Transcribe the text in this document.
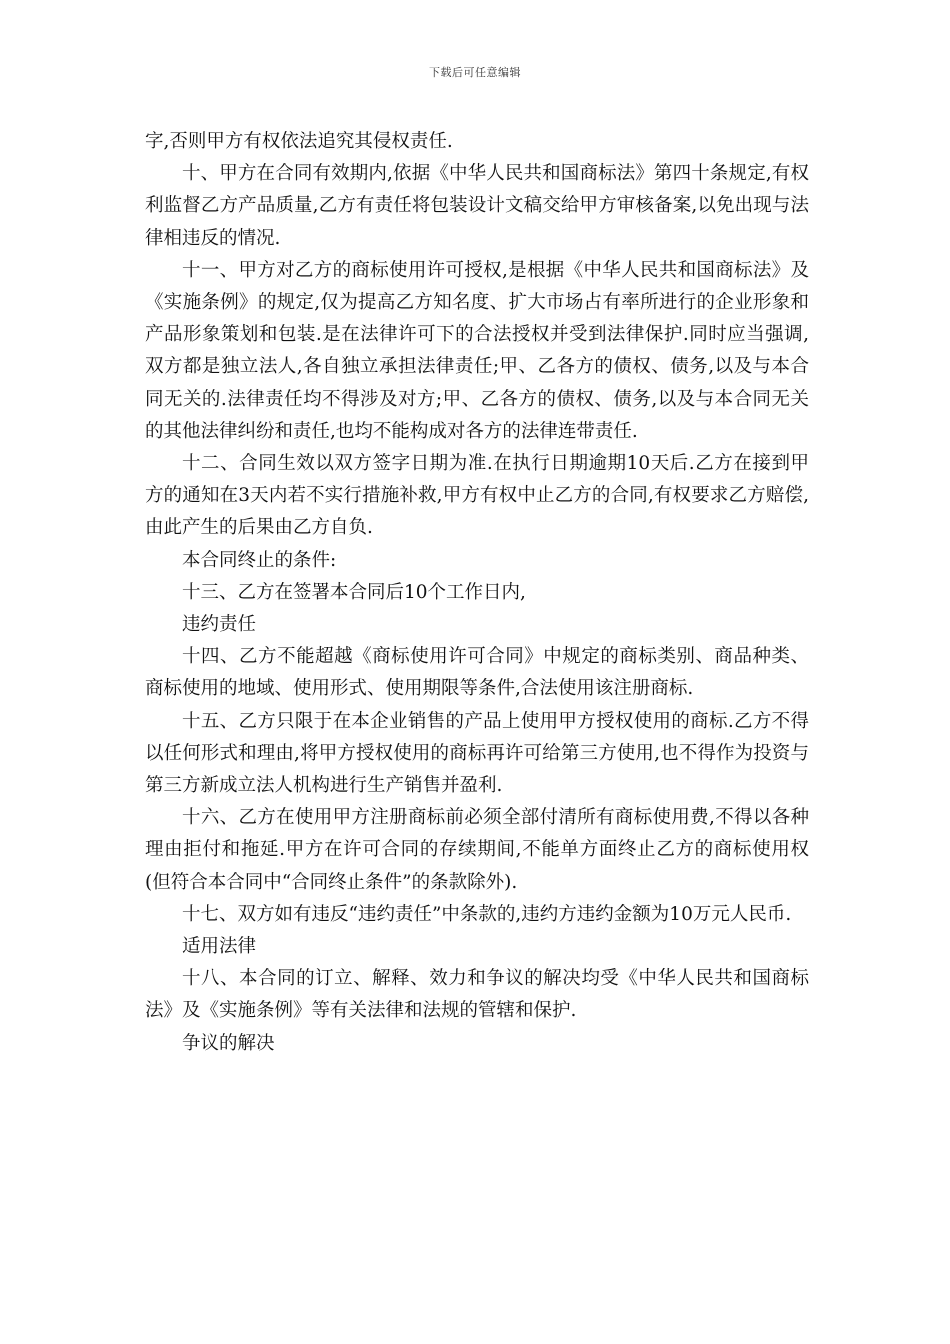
下载后可任意编辑

字,否则甲方有权依法追究其侵权责任.

十、甲方在合同有效期内,依据《中华人民共和国商标法》第四十条规定,有权利监督乙方产品质量,乙方有责任将包装设计文稿交给甲方审核备案,以免出现与法律相违反的情况.

十一、甲方对乙方的商标使用许可授权,是根据《中华人民共和国商标法》及《实施条例》的规定,仅为提高乙方知名度、扩大市场占有率所进行的企业形象和产品形象策划和包装.是在法律许可下的合法授权并受到法律保护.同时应当强调,双方都是独立法人,各自独立承担法律责任;甲、乙各方的债权、债务,以及与本合同无关的.法律责任均不得涉及对方;甲、乙各方的债权、债务,以及与本合同无关的其他法律纠纷和责任,也均不能构成对各方的法律连带责任.

十二、合同生效以双方签字日期为准.在执行日期逾期10天后.乙方在接到甲方的通知在3天内若不实行措施补救,甲方有权中止乙方的合同,有权要求乙方赔偿,由此产生的后果由乙方自负.

本合同终止的条件:

十三、乙方在签署本合同后10个工作日内,

违约责任

十四、乙方不能超越《商标使用许可合同》中规定的商标类别、商品种类、商标使用的地域、使用形式、使用期限等条件,合法使用该注册商标.

十五、乙方只限于在本企业销售的产品上使用甲方授权使用的商标.乙方不得以任何形式和理由,将甲方授权使用的商标再许可给第三方使用,也不得作为投资与第三方新成立法人机构进行生产销售并盈利.

十六、乙方在使用甲方注册商标前必须全部付清所有商标使用费,不得以各种理由拒付和拖延.甲方在许可合同的存续期间,不能单方面终止乙方的商标使用权(但符合本合同中“合同终止条件”的条款除外).

十七、双方如有违反“违约责任”中条款的,违约方违约金额为10万元人民币.

适用法律

十八、本合同的订立、解释、效力和争议的解决均受《中华人民共和国商标法》及《实施条例》等有关法律和法规的管辖和保护.

争议的解决
